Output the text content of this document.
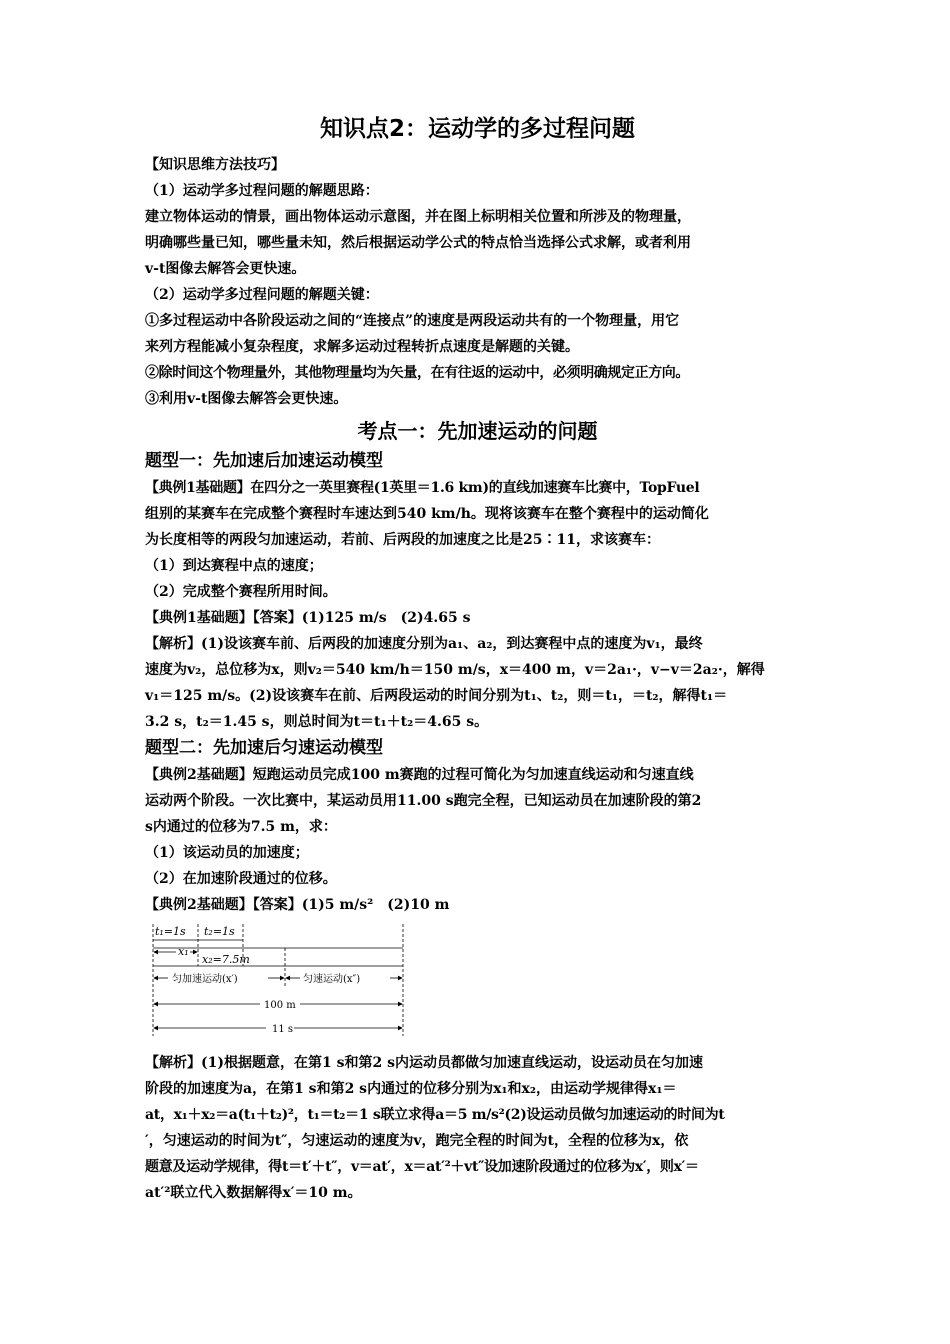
知识点2：运动学的多过程问题

【知识思维方法技巧】

（1）运动学多过程问题的解题思路：

建立物体运动的情景，画出物体运动示意图，并在图上标明相关位置和所涉及的物理量，

明确哪些量已知，哪些量未知，然后根据运动学公式的特点恰当选择公式求解，或者利用

v-t图像去解答会更快速。

（2）运动学多过程问题的解题关键：

①多过程运动中各阶段运动之间的“连接点”的速度是两段运动共有的一个物理量，用它

来列方程能减小复杂程度，求解多运动过程转折点速度是解题的关键。

②除时间这个物理量外，其他物理量均为矢量，在有往返的运动中，必须明确规定正方向。

③利用v-t图像去解答会更快速。

考点一：先加速运动的问题
题型一：先加速后加速运动模型

【典例1基础题】在四分之一英里赛程(1英里＝1.6 km)的直线加速赛车比赛中，TopFuel

组别的某赛车在完成整个赛程时车速达到540 km/h。现将该赛车在整个赛程中的运动简化

为长度相等的两段匀加速运动，若前、后两段的加速度之比是25∶11，求该赛车：

（1）到达赛程中点的速度；

（2）完成整个赛程所用时间。

【典例1基础题】【答案】(1)125 m/s　(2)4.65 s

【解析】(1)设该赛车前、后两段的加速度分别为a₁、a₂，到达赛程中点的速度为v₁，最终

速度为v₂，总位移为x，则v₂＝540 km/h＝150 m/s，x＝400 m，v＝2a₁·，v−v＝2a₂·，解得

v₁＝125 m/s。(2)设该赛车在前、后两段运动的时间分别为t₁、t₂，则＝t₁，＝t₂，解得t₁＝

3.2 s，t₂＝1.45 s，则总时间为t＝t₁＋t₂＝4.65 s。

题型二：先加速后匀速运动模型

【典例2基础题】短跑运动员完成100 m赛跑的过程可简化为匀加速直线运动和匀速直线

运动两个阶段。一次比赛中，某运动员用11.00 s跑完全程，已知运动员在加速阶段的第2

s内通过的位移为7.5 m，求：

（1）该运动员的加速度；

（2）在加速阶段通过的位移。

【典例2基础题】【答案】(1)5 m/s²　(2)10 m

t₁=1s t₂=1s
x₁
x₂=7.5m
匀加速运动(x′)	匀速运动(x″)
100 m
11 s

【解析】(1)根据题意，在第1 s和第2 s内运动员都做匀加速直线运动，设运动员在匀加速

阶段的加速度为a，在第1 s和第2 s内通过的位移分别为x₁和x₂，由运动学规律得x₁＝

at，x₁＋x₂＝a(t₁＋t₂)²，t₁＝t₂＝1 s联立求得a＝5 m/s²(2)设运动员做匀加速运动的时间为t

′，匀速运动的时间为t″，匀速运动的速度为v，跑完全程的时间为t，全程的位移为x，依

题意及运动学规律，得t＝t′＋t″，v＝at′，x＝at′²＋vt″设加速阶段通过的位移为x′，则x′＝

at′²联立代入数据解得x′＝10 m。
